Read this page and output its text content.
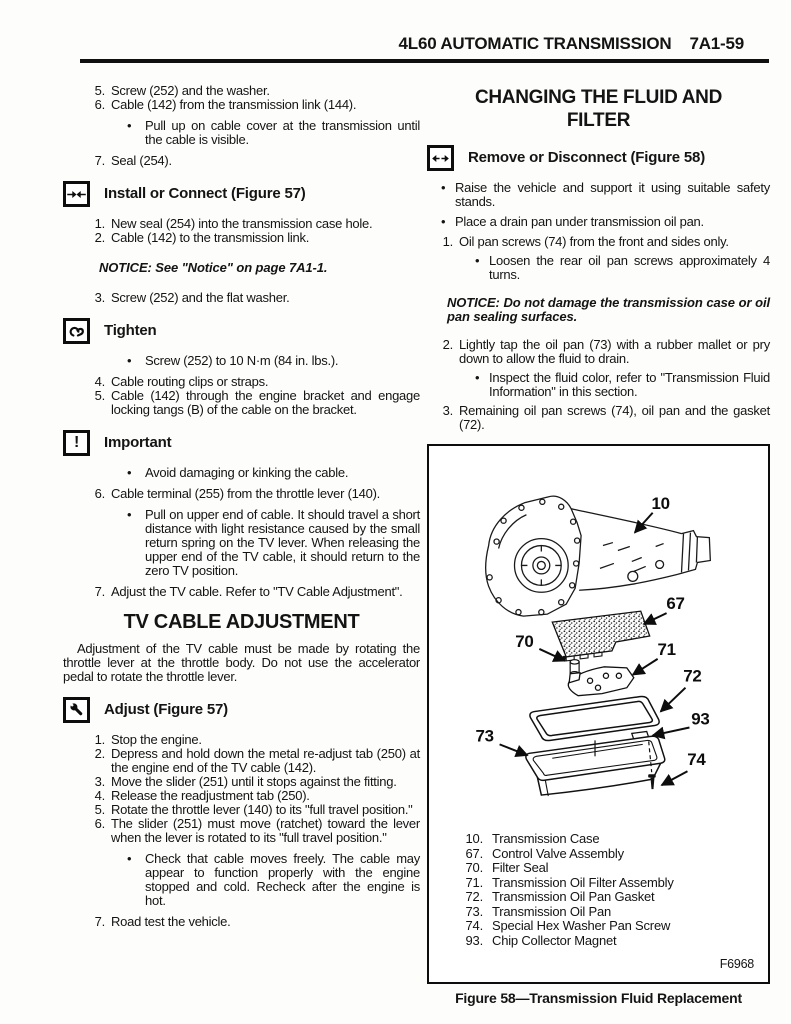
4L60 AUTOMATIC TRANSMISSION 7A1-59
5. Screw (252) and the washer.
6. Cable (142) from the transmission link (144).
• Pull up on cable cover at the transmission until the cable is visible.
7. Seal (254).
Install or Connect (Figure 57)
1. New seal (254) into the transmission case hole.
2. Cable (142) to the transmission link.
NOTICE: See "Notice" on page 7A1-1.
3. Screw (252) and the flat washer.
Tighten
• Screw (252) to 10 N·m (84 in. lbs.).
4. Cable routing clips or straps.
5. Cable (142) through the engine bracket and engage locking tangs (B) of the cable on the bracket.
! Important
• Avoid damaging or kinking the cable.
6. Cable terminal (255) from the throttle lever (140).
• Pull on upper end of cable. It should travel a short distance with light resistance caused by the small return spring on the TV lever. When releasing the upper end of the TV cable, it should return to the zero TV position.
7. Adjust the TV cable. Refer to "TV Cable Adjustment".
TV CABLE ADJUSTMENT
Adjustment of the TV cable must be made by rotating the throttle lever at the throttle body. Do not use the accelerator pedal to rotate the throttle lever.
Adjust (Figure 57)
1. Stop the engine.
2. Depress and hold down the metal re-adjust tab (250) at the engine end of the TV cable (142).
3. Move the slider (251) until it stops against the fitting.
4. Release the readjustment tab (250).
5. Rotate the throttle lever (140) to its "full travel position."
6. The slider (251) must move (ratchet) toward the lever when the lever is rotated to its "full travel position."
• Check that cable moves freely. The cable may appear to function properly with the engine stopped and cold. Recheck after the engine is hot.
7. Road test the vehicle.
CHANGING THE FLUID AND FILTER
Remove or Disconnect (Figure 58)
• Raise the vehicle and support it using suitable safety stands.
• Place a drain pan under transmission oil pan.
1. Oil pan screws (74) from the front and sides only.
• Loosen the rear oil pan screws approximately 4 turns.
NOTICE: Do not damage the transmission case or oil pan sealing surfaces.
2. Lightly tap the oil pan (73) with a rubber mallet or pry down to allow the fluid to drain.
• Inspect the fluid color, refer to "Transmission Fluid Information" in this section.
3. Remaining oil pan screws (74), oil pan and the gasket (72).
10
67
70	71
72
93
73
74
10. Transmission Case
67. Control Valve Assembly
70. Filter Seal
71. Transmission Oil Filter Assembly
72. Transmission Oil Pan Gasket
73. Transmission Oil Pan
74. Special Hex Washer Pan Screw
93. Chip Collector Magnet
F6968
Figure 58—Transmission Fluid Replacement
